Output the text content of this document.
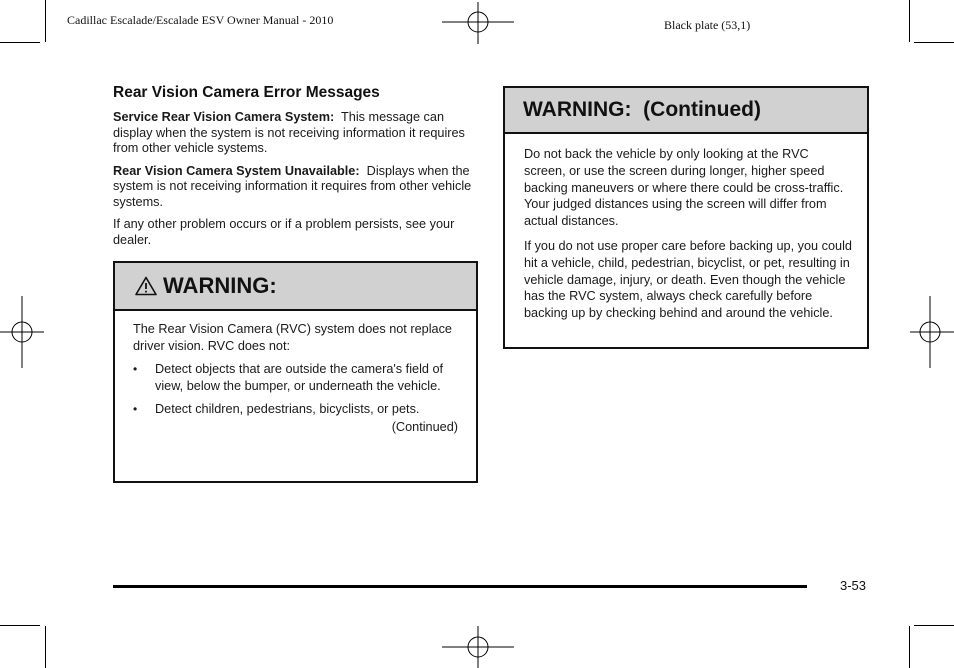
Cadillac Escalade/Escalade ESV Owner Manual - 2010	Black plate (53,1)
Rear Vision Camera Error Messages

Service Rear Vision Camera System: This message can display when the system is not receiving information it requires from other vehicle systems.

Rear Vision Camera System Unavailable: Displays when the system is not receiving information it requires from other vehicle systems.

If any other problem occurs or if a problem persists, see your dealer.

WARNING:
The Rear Vision Camera (RVC) system does not replace driver vision. RVC does not:
•	Detect objects that are outside the camera's field of view, below the bumper, or underneath the vehicle.
•	Detect children, pedestrians, bicyclists, or pets.
(Continued)
WARNING:  (Continued)

Do not back the vehicle by only looking at the RVC screen, or use the screen during longer, higher speed backing maneuvers or where there could be cross-traffic. Your judged distances using the screen will differ from actual distances.

If you do not use proper care before backing up, you could hit a vehicle, child, pedestrian, bicyclist, or pet, resulting in vehicle damage, injury, or death. Even though the vehicle has the RVC system, always check carefully before backing up by checking behind and around the vehicle.

3-53
